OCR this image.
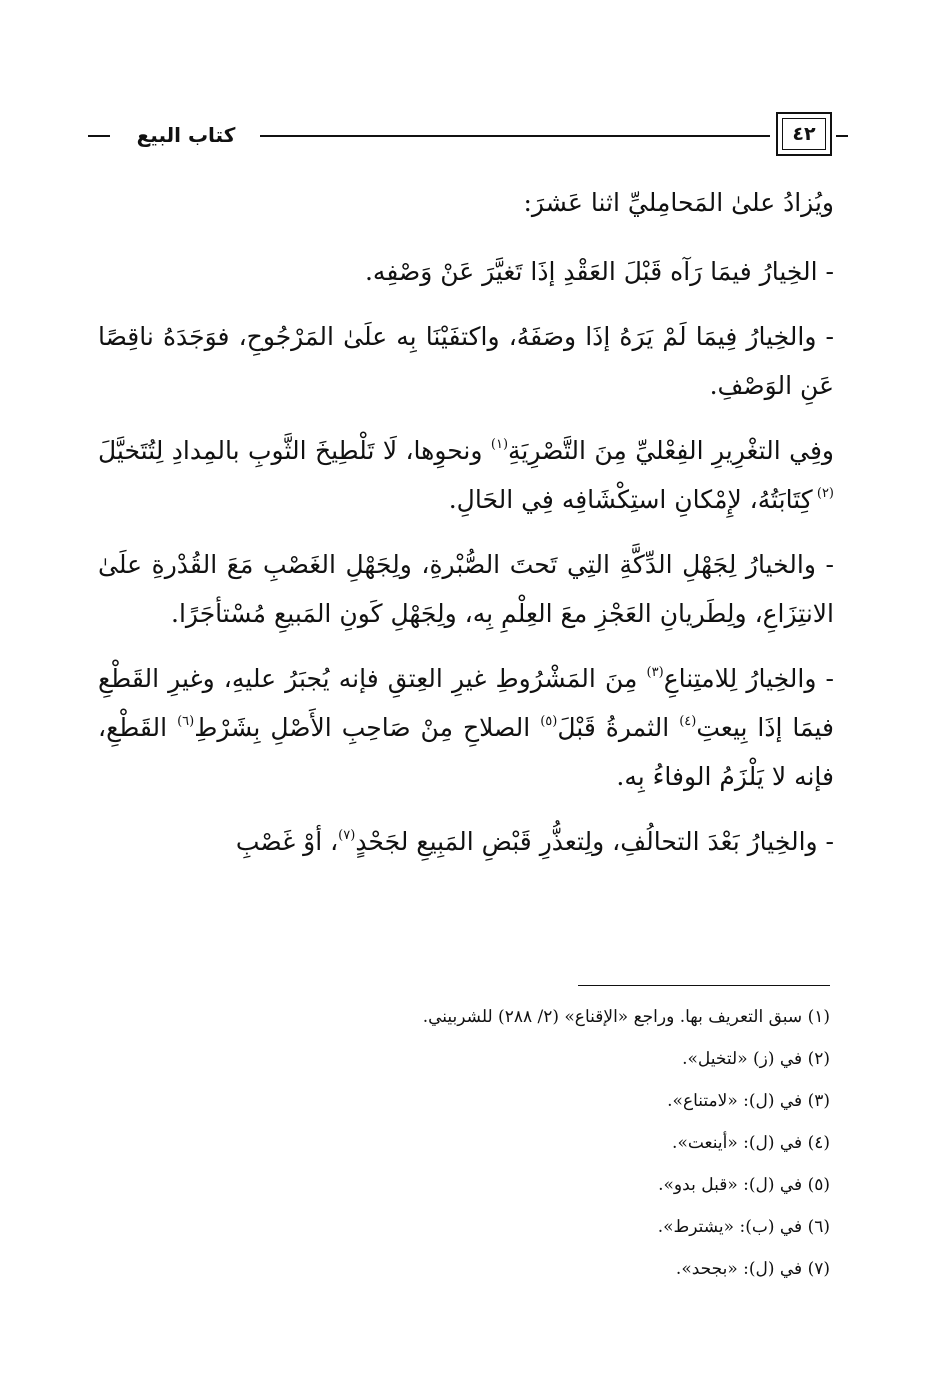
كتاب البيع	٤٢

ويُزادُ علىٰ المَحامِليِّ اثنا عَشرَ:

- الخِيارُ فيمَا رَآه قَبْلَ العَقْدِ إذَا تَغيَّرَ عَنْ وَصْفِه.

- والخِيارُ فِيمَا لَمْ يَرَهُ إذَا وصَفَهُ، واكتفَيْنَا بِه علَىٰ المَرْجُوحِ، فوَجَدَهُ ناقِصًا عَنِ الوَصْفِ.

وفِي التغْرِيرِ الفِعْليِّ مِنَ التَّصْرِيَةِ$^{(١)}$ ونحوِها، لَا تَلْطِيخَ الثَّوبِ بالمِدادِ لِتُتَخيَّلَ $^{(٢)}$ كِتَابَتُهُ، لإِمْكانِ استِكْشَافِه فِي الحَالِ.

- والخيارُ لِجَهْلِ الدِّكَّةِ التِي تَحتَ الصُّبْرةِ، ولِجَهْلِ الغَصْبِ مَعَ القُدْرةِ علَىٰ الانتِزَاعِ، ولِطَريانِ العَجْزِ معَ العِلْمِ بِه، ولِجَهْلِ كَونِ المَبيعِ مُسْتأجَرًا.

- والخِيارُ لِلامتِناعِ$^{(٣)}$ مِنَ المَشْرُوطِ غيرِ العِتقِ فإنه يُجبَرُ عليهِ، وغيرِ القَطْعِ فيمَا إذَا بِيعتِ$^{(٤)}$ الثمرةُ قَبْلَ$^{(٥)}$ الصلاحِ مِنْ صَاحِبِ الأَصْلِ بِشَرْطِ$^{(٦)}$ القَطْعِ، فإنه لا يَلْزَمُ الوفاءُ بِه.

- والخِيارُ بَعْدَ التحالُفِ، ولِتعذُّرِ قَبْضِ المَبِيعِ لجَحْدٍ$^{(٧)}$، أوْ غَصْبِ

(١) سبق التعريف بها. وراجع «الإقناع» (٢/ ٢٨٨) للشربيني.
(٢) في (ز) «لتخيل».
(٣) في (ل): «لامتناع».
(٤) في (ل): «أينعت».
(٥) في (ل): «قبل بدو».
(٦) في (ب): «يشترط».
(٧) في (ل): «بجحد».
